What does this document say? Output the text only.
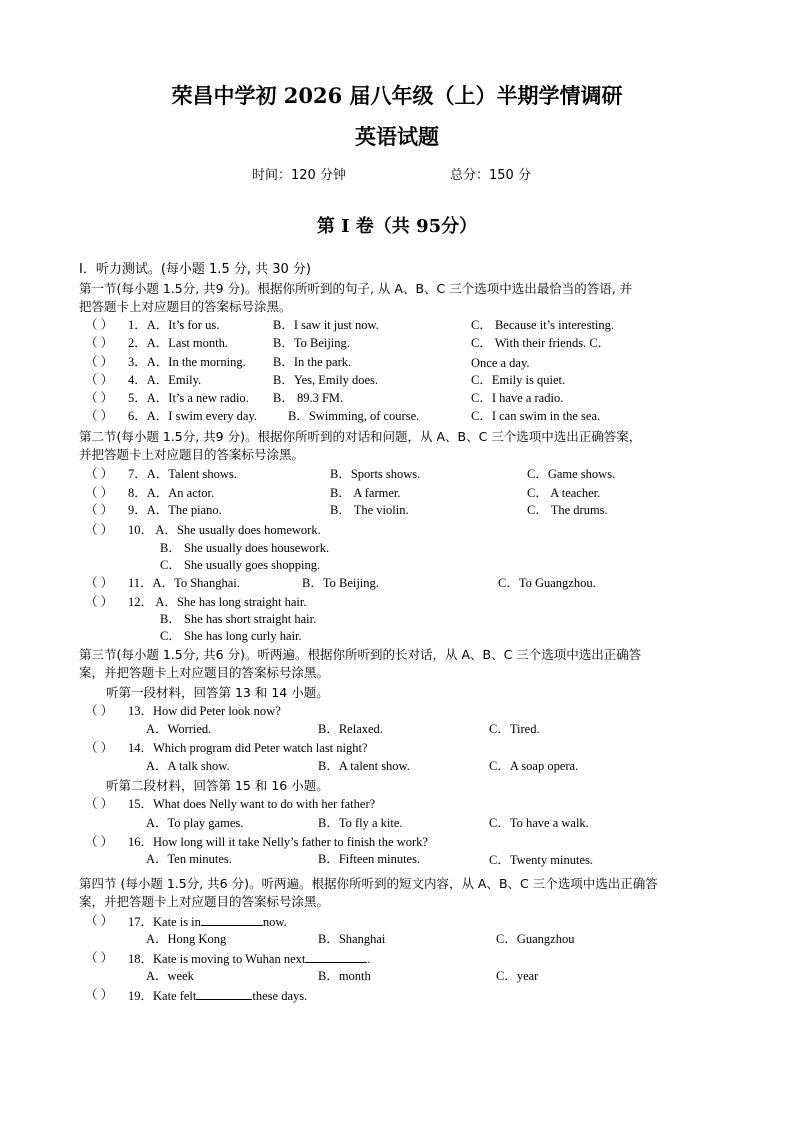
荣昌中学初 2026 届八年级（上）半期学情调研
英语试题
时间：120 分钟	总分：150 分
第 I 卷（共 95分）
Ⅰ．听力测试。(每小题 1.5 分, 共 30 分)
第一节(每小题 1.5分, 共9 分)。根据你所听到的句子, 从 A、B、C 三个选项中选出最恰当的答语, 并
把答题卡上对应题目的答案标号涂黑。
（ ） 1．A．It’s for us.	B．I saw it just now.	C． Because it’s interesting.
（ ） 2．A．Last month.	B．To Beijing.	C． With their friends. C．
（ ） 3．A．In the morning. B．In the park.	Once a day.
（ ） 4．A．Emily.	B．Yes, Emily does.	C．Emily is quiet.
（ ） 5．A．It’s a new radio. B． 89.3 FM.	C．I have a radio.
（ ） 6．A．I swim every day. B．Swimming, of course.	C．I can swim in the sea.
第二节(每小题 1.5分, 共9 分)。根据你所听到的对话和问题，从 A、B、C 三个选项中选出正确答案，
并把答题卡上对应题目的答案标号涂黑。
（ ） 7．A．Talent shows.	B．Sports shows.	C．Game shows.
（ ） 8．A．An actor.	B． A farmer.	C． A teacher.
（ ） 9．A．The piano.	B． The violin.	C． The drums.
（ ） 10． A．She usually does homework.
B． She usually does housework.
C． She usually goes shopping.
（ ） 11．A．To Shanghai.	B．To Beijing.	C．To Guangzhou.
（ ） 12． A．She has long straight hair.
B． She has short straight hair.
C． She has long curly hair.
第三节(每小题 1.5分, 共6 分)。听两遍。根据你所听到的长对话，从 A、B、C 三个选项中选出正确答
案，并把答题卡上对应题目的答案标号涂黑。
听第一段材料，回答第 13 和 14 小题。
（ ） 13．How did Peter look now?
A．Worried.	B．Relaxed.	C．Tired.
（ ） 14．Which program did Peter watch last night?
A．A talk show.	B．A talent show.	C．A soap opera.
听第二段材料，回答第 15 和 16 小题。
（ ） 15．What does Nelly want to do with her father?
A．To play games.	B．To fly a kite.	C．To have a walk.
（ ） 16．How long will it take Nelly’s father to finish the work?
A．Ten minutes.	B．Fifteen minutes.	C．Twenty minutes.
第四节 (每小题 1.5分, 共6 分)。听两遍。根据你所听到的短文内容，从 A、B、C 三个选项中选出正确答
案，并把答题卡上对应题目的答案标号涂黑。
（ ） 17．Kate is in	now.
A．Hong Kong	B．Shanghai	C．Guangzhou
（ ） 18．Kate is moving to Wuhan next	.
A．week	B．month	C．year
（ ） 19．Kate felt	these days.
